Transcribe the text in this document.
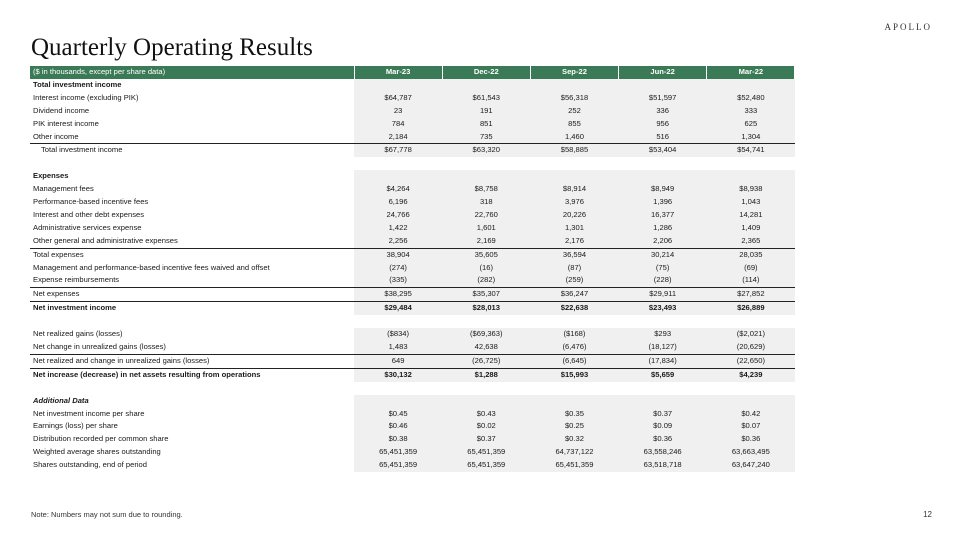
APOLLO
Quarterly Operating Results
($ in thousands, except per share data)	Mar-23	Dec-22	Sep-22	Jun-22	Mar-22
Total investment income					
Interest income (excluding PIK)	$64,787	$61,543	$56,318	$51,597	$52,480
Dividend income	23	191	252	336	333
PIK interest income	784	851	855	956	625
Other income	2,184	735	1,460	516	1,304
Total investment income	$67,778	$63,320	$58,885	$53,404	$54,741

Expenses					
Management fees	$4,264	$8,758	$8,914	$8,949	$8,938
Performance-based incentive fees	6,196	318	3,976	1,396	1,043
Interest and other debt expenses	24,766	22,760	20,226	16,377	14,281
Administrative services expense	1,422	1,601	1,301	1,286	1,409
Other general and administrative expenses	2,256	2,169	2,176	2,206	2,365
Total expenses	38,904	35,605	36,594	30,214	28,035
Management and performance-based incentive fees waived and offset	(274)	(16)	(87)	(75)	(69)
Expense reimbursements	(335)	(282)	(259)	(228)	(114)
Net expenses	$38,295	$35,307	$36,247	$29,911	$27,852
Net investment income	$29,484	$28,013	$22,638	$23,493	$26,889

Net realized gains (losses)	($834)	($69,363)	($168)	$293	($2,021)
Net change in unrealized gains (losses)	1,483	42,638	(6,476)	(18,127)	(20,629)
Net realized and change in unrealized gains (losses)	649	(26,725)	(6,645)	(17,834)	(22,650)
Net increase (decrease) in net assets resulting from operations	$30,132	$1,288	$15,993	$5,659	$4,239

Additional Data					
Net investment income per share	$0.45	$0.43	$0.35	$0.37	$0.42
Earnings (loss) per share	$0.46	$0.02	$0.25	$0.09	$0.07
Distribution recorded per common share	$0.38	$0.37	$0.32	$0.36	$0.36
Weighted average shares outstanding	65,451,359	65,451,359	64,737,122	63,558,246	63,663,495
Shares outstanding, end of period	65,451,359	65,451,359	65,451,359	63,518,718	63,647,240
Note: Numbers may not sum due to rounding.	12
